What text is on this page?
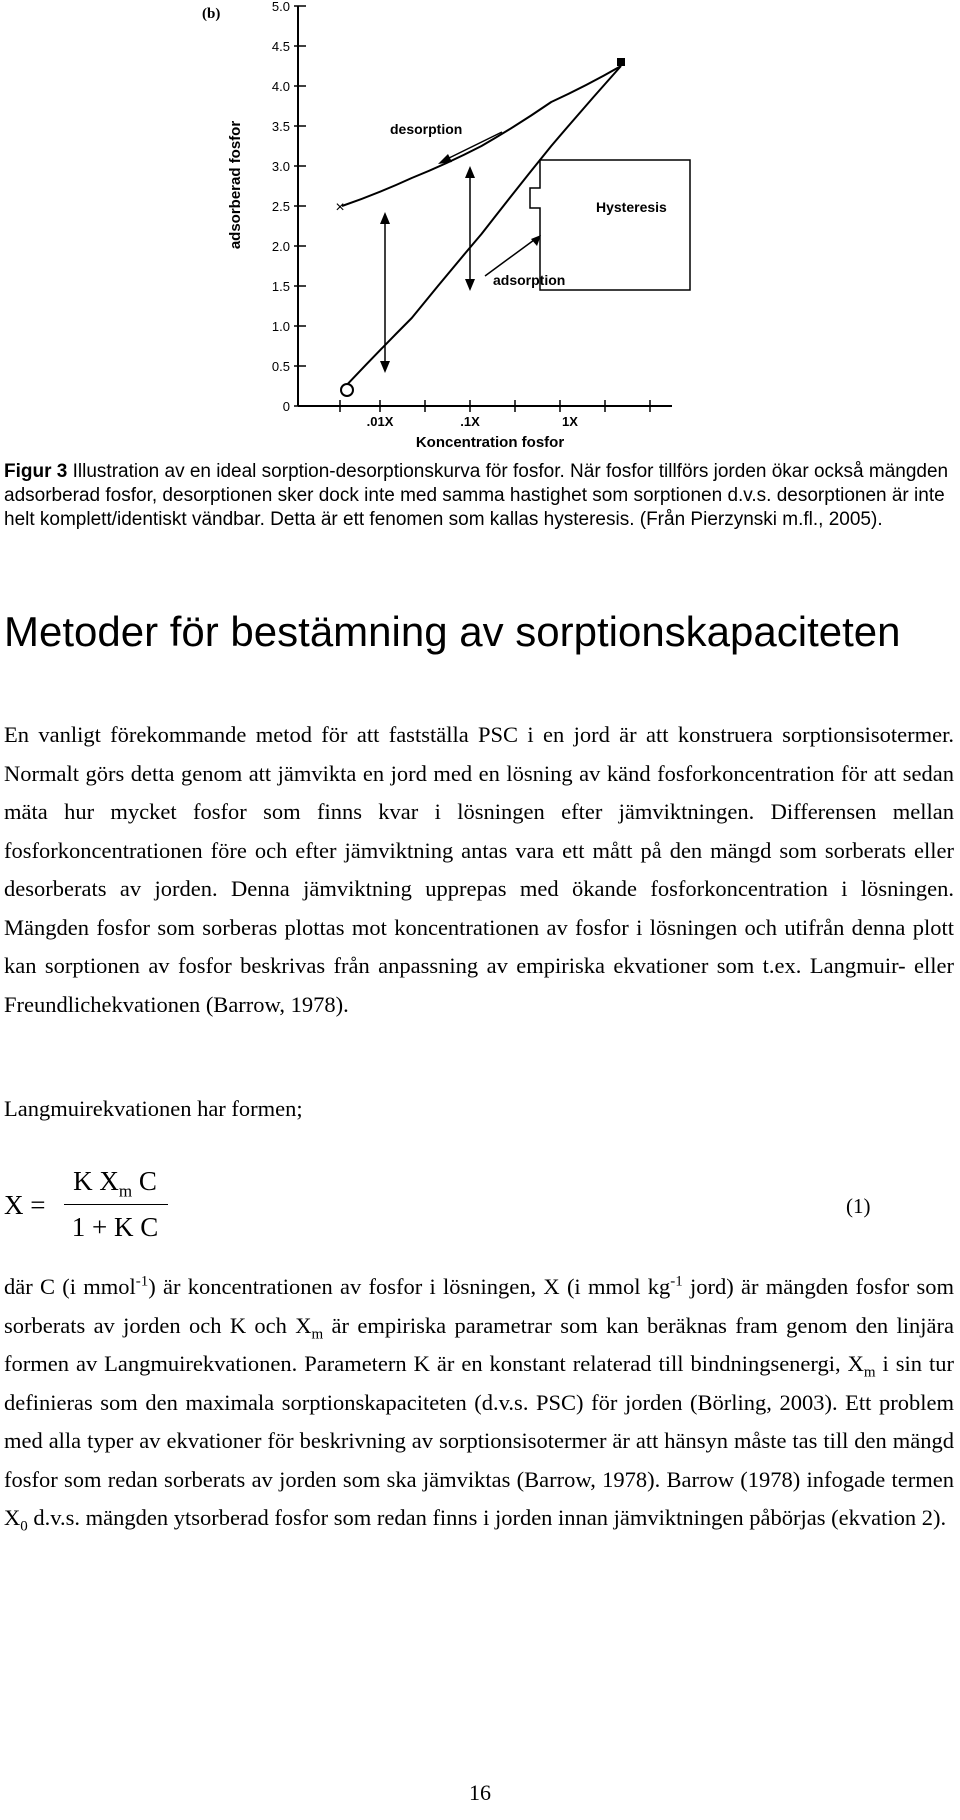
(b)
adsorberad fosfor
5.0
4.5
4.0
3.5
3.0
2.5
2.0
1.5
1.0
0.5
0
.01X	.1X	1X
Koncentration fosfor
×
desorption
adsorption
Hysteresis
Figur 3 Illustration av en ideal sorption-desorptionskurva för fosfor. När fosfor tillförs jorden ökar också mängden adsorberad fosfor, desorptionen sker dock inte med samma hastighet som sorptionen d.v.s. desorptionen är inte helt komplett/identiskt vändbar. Detta är ett fenomen som kallas hysteresis. (Från Pierzynski m.fl., 2005).
Metoder för bestämning av sorptionskapaciteten

En vanligt förekommande metod för att fastställa PSC i en jord är att konstruera sorptionsisotermer. Normalt görs detta genom att jämvikta en jord med en lösning av känd fosforkoncentration för att sedan mäta hur mycket fosfor som finns kvar i lösningen efter jämviktningen. Differensen mellan fosforkoncentrationen före och efter jämviktning antas vara ett mått på den mängd som sorberats eller desorberats av jorden. Denna jämviktning upprepas med ökande fosforkoncentration i lösningen. Mängden fosfor som sorberas plottas mot koncentrationen av fosfor i lösningen och utifrån denna plott kan sorptionen av fosfor beskrivas från anpassning av empiriska ekvationer som t.ex. Langmuir- eller Freundlichekvationen (Barrow, 1978).

Langmuirekvationen har formen;

X =
K $X_m$ C
1 + K C
(1)

där C (i mmol$^{-1}$) är koncentrationen av fosfor i lösningen, X (i mmol $kg^{-1}$ jord) är mängden fosfor som sorberats av jorden och K och $X_m$ är empiriska parametrar som kan beräknas fram genom den linjära formen av Langmuirekvationen. Parametern K är en konstant relaterad till bindningsenergi, $X_m$ i sin tur definieras som den maximala sorptionskapaciteten (d.v.s. PSC) för jorden (Börling, 2003). Ett problem med alla typer av ekvationer för beskrivning av sorptionsisotermer är att hänsyn måste tas till den mängd fosfor som redan sorberats av jorden som ska jämviktas (Barrow, 1978). Barrow (1978) infogade termen $X_0$ d.v.s. mängden ytsorberad fosfor som redan finns i jorden innan jämviktningen påbörjas (ekvation 2).

16
